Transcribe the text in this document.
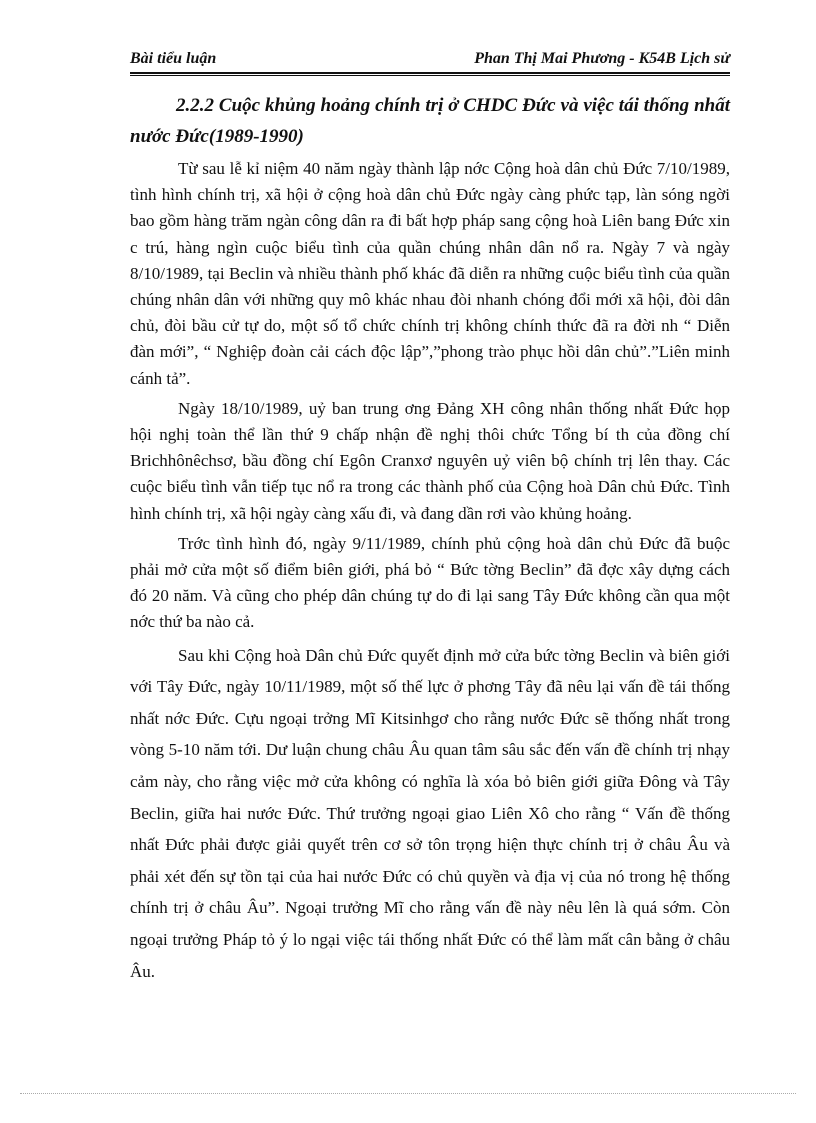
Bài tiểu luận	Phan Thị Mai Phương - K54B Lịch sử

2.2.2 Cuộc khủng hoảng chính trị ở CHDC Đức và việc tái thống nhất nước Đức(1989-1990)

Từ sau lễ kỉ niệm 40 năm ngày thành lập nớc Cộng hoà dân chủ Đức 7/10/1989, tình hình chính trị, xã hội ở cộng hoà dân chủ Đức ngày càng phức tạp, làn sóng ngời bao gồm hàng trăm ngàn công dân ra đi bất hợp pháp sang cộng hoà Liên bang Đức xin c trú, hàng ngìn cuộc biểu tình của quần chúng nhân dân nổ ra. Ngày 7 và ngày 8/10/1989, tại Beclin và nhiều thành phố khác đã diễn ra những cuộc biểu tình của quần chúng nhân dân với những quy mô khác nhau đòi nhanh chóng đổi mới xã hội, đòi dân chủ, đòi bầu cử tự do, một số tổ chức chính trị không chính thức đã ra đời nh “ Diễn đàn mới”, “ Nghiệp đoàn cải cách độc lập”,”phong trào phục hồi dân chủ”.”Liên minh cánh tả”.

Ngày 18/10/1989, uỷ ban trung ơng Đảng XH công nhân thống nhất Đức họp hội nghị toàn thể lần thứ 9 chấp nhận đề nghị thôi chức Tổng bí th của đồng chí Brichhônêchsơ, bầu đồng chí Egôn Cranxơ nguyên uỷ viên bộ chính trị lên thay. Các cuộc biểu tình vẫn tiếp tục nổ ra trong các thành phố của Cộng hoà Dân chủ Đức. Tình hình chính trị, xã hội ngày càng xấu đi, và đang dần rơi vào khủng hoảng.

Trớc tình hình đó, ngày 9/11/1989, chính phủ cộng hoà dân chủ Đức đã buộc phải mở cửa một số điểm biên giới, phá bỏ “ Bức tờng Beclin” đã đợc xây dựng cách đó 20 năm. Và cũng cho phép dân chúng tự do đi lại sang Tây Đức không cần qua một nớc thứ ba nào cả.

Sau khi Cộng hoà Dân chủ Đức quyết định mở cửa bức tờng Beclin và biên giới với Tây Đức, ngày 10/11/1989, một số thế lực ở phơng Tây đã nêu lại vấn đề tái thống nhất nớc Đức. Cựu ngoại trởng Mĩ Kitsinhgơ cho rằng nước Đức sẽ thống nhất trong vòng 5-10 năm tới. Dư luận chung châu Âu quan tâm sâu sắc đến vấn đề chính trị nhạy cảm này, cho rằng việc mở cửa không có nghĩa là xóa bỏ biên giới giữa Đông và Tây Beclin, giữa hai nước Đức. Thứ trưởng ngoại giao Liên Xô cho rằng “ Vấn đề thống nhất Đức phải được giải quyết trên cơ sở tôn trọng hiện thực chính trị ở châu Âu và phải xét đến sự tồn tại của hai nước Đức có chủ quyền và địa vị của nó trong hệ thống chính trị ở châu Âu”. Ngoại trưởng Mĩ cho rằng vấn đề này nêu lên là quá sớm. Còn ngoại trưởng Pháp tỏ ý lo ngại việc tái thống nhất Đức có thể làm mất cân bằng ở châu Âu.
